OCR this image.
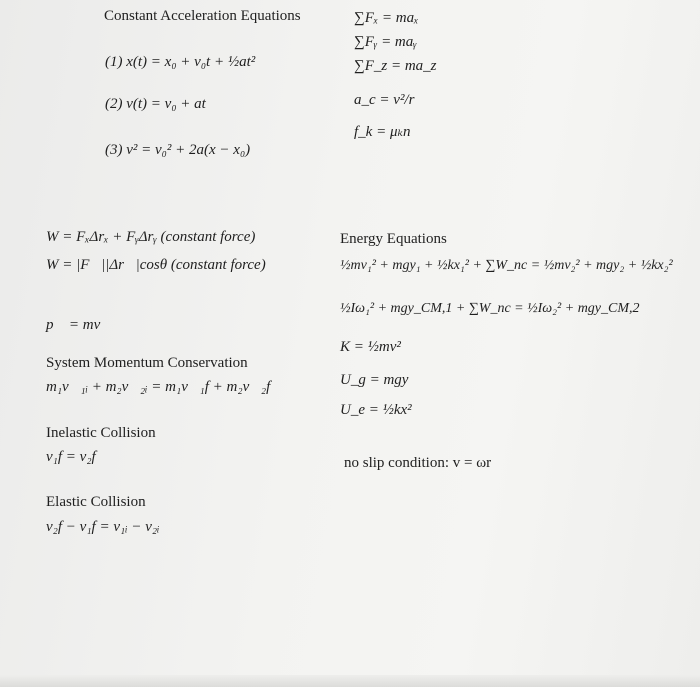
Constant Acceleration Equations
(1) x(t) = x₀ + v₀t + ½at²
(2) v(t) = v₀ + at
(3) v² = v₀² + 2a(x − x₀)
∑Fₓ = maₓ
∑Fᵧ = maᵧ
∑F_z = ma_z
a_c = v²/r
f_k = μₖn
W = FₓΔrₓ + FᵧΔrᵧ (constant force)
W = |F⃗||Δr⃗|cosθ (constant force)
p⃗ = mv⃗
System Momentum Conservation
m₁v⃗₁ᵢ + m₂v⃗₂ᵢ = m₁v⃗₁f + m₂v⃗₂f
Inelastic Collision
v₁f = v₂f
Elastic Collision
v₂f − v₁f = v₁ᵢ − v₂ᵢ
Energy Equations
½mv₁² + mgy₁ + ½kx₁² + ∑W_nc = ½mv₂² + mgy₂ + ½kx₂²
½Iω₁² + mgy_CM,1 + ∑W_nc = ½Iω₂² + mgy_CM,2
K = ½mv²
U_g = mgy
U_e = ½kx²
no slip condition: v = ωr
